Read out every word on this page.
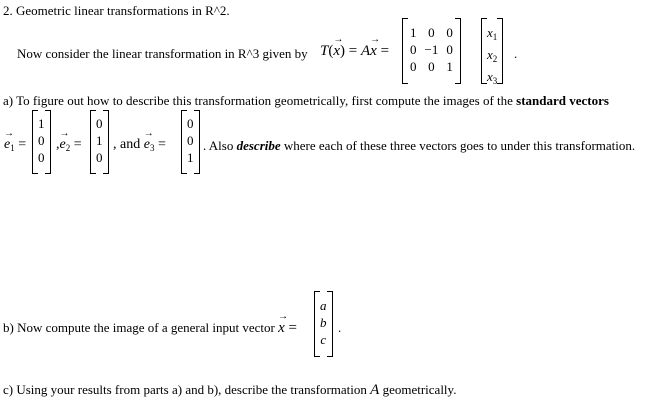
2. Geometric linear transformations in R^2.
Now consider the linear transformation in R^3 given by T(→ x) = A→ x =
1	0	0
0	−1	0
0	0	1
$x_1$
$x_2$
$x_3$
.
a) To figure out how to describe this transformation geometrically, first compute the images of the standard vectors
→ $e_1$ =
1
0
0
,→ $e_2$ =
0
1
0
, and → $e_3$ =
0
0
1
. Also describe where each of these three vectors goes to under this transformation.
b) Now compute the image of a general input vector → x =
a
b
c
.
c) Using your results from parts a) and b), describe the transformation A geometrically.
